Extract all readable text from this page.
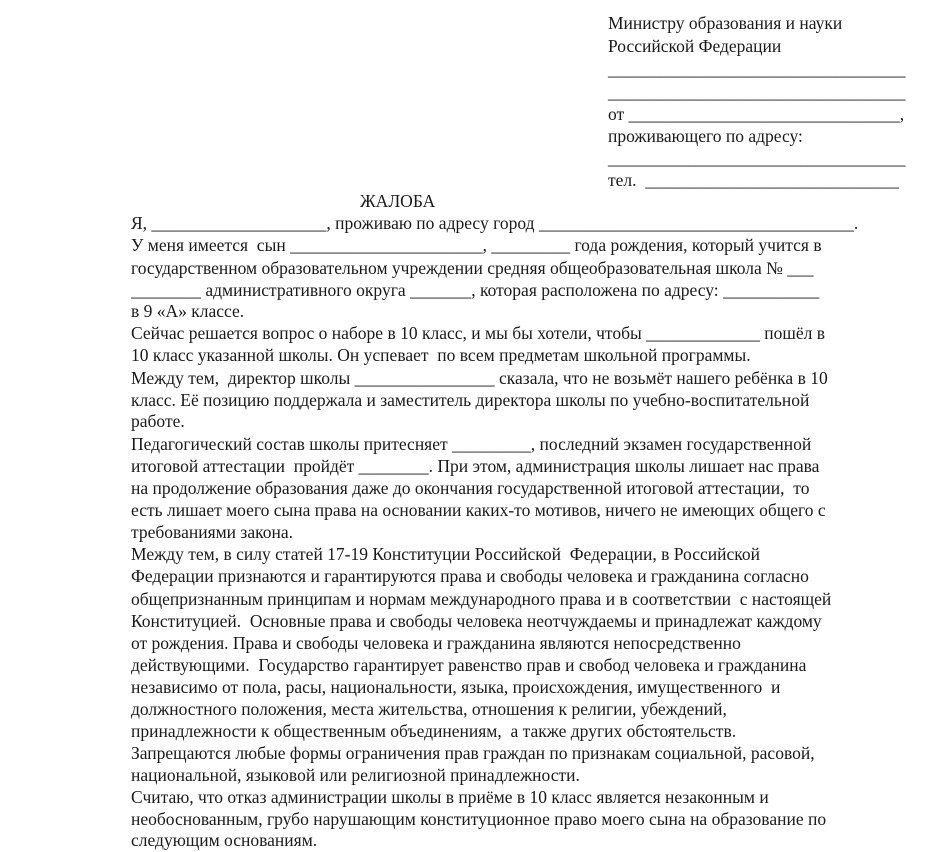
Министру образования и науки
Российской Федерации
__________________________________
__________________________________
от _______________________________,
проживающего по адресу:
__________________________________
тел.  _____________________________
ЖАЛОБА
Я, ____________________, проживаю по адресу город ____________________________________.
У меня имеется  сын ______________________, _________ года рождения, который учится в
государственном образовательном учреждении средняя общеобразовательная школа № ___
________ административного округа _______, которая расположена по адресу: ___________
в 9 «А» классе.
Сейчас решается вопрос о наборе в 10 класс, и мы бы хотели, чтобы _____________ пошёл в
10 класс указанной школы. Он успевает  по всем предметам школьной программы.
Между тем,  директор школы ________________ сказала, что не возьмёт нашего ребёнка в 10
класс. Её позицию поддержала и заместитель директора школы по учебно-воспитательной
работе.
Педагогический состав школы притесняет _________, последний экзамен государственной
итоговой аттестации  пройдёт ________. При этом, администрация школы лишает нас права
на продолжение образования даже до окончания государственной итоговой аттестации,  то
есть лишает моего сына права на основании каких-то мотивов, ничего не имеющих общего с
требованиями закона.
Между тем, в силу статей 17-19 Конституции Российской  Федерации, в Российской
Федерации признаются и гарантируются права и свободы человека и гражданина согласно
общепризнанным принципам и нормам международного права и в соответствии  с настоящей
Конституцией.  Основные права и свободы человека неотчуждаемы и принадлежат каждому
от рождения. Права и свободы человека и гражданина являются непосредственно
действующими.  Государство гарантирует равенство прав и свобод человека и гражданина
независимо от пола, расы, национальности, языка, происхождения, имущественного  и
должностного положения, места жительства, отношения к религии, убеждений,
принадлежности к общественным объединениям,  а также других обстоятельств.
Запрещаются любые формы ограничения прав граждан по признакам социальной, расовой,
национальной, языковой или религиозной принадлежности.
Считаю, что отказ администрации школы в приёме в 10 класс является незаконным и
необоснованным, грубо нарушающим конституционное право моего сына на образование по
следующим основаниям.
